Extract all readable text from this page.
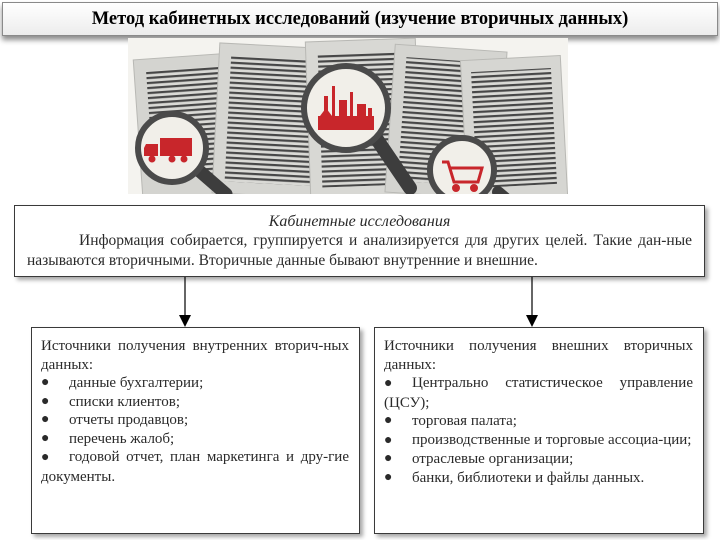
Метод кабинетных исследований (изучение вторичных данных)
Кабинетные исследования
Информация собирается, группируется и анализируется для других целей. Такие дан-ные называются вторичными. Вторичные данные бывают внутренние и внешние.
Источники получения внутренних вторич-ных данных:
●	данные бухгалтерии;
●	списки клиентов;
●	отчеты продавцов;
●	перечень жалоб;
● годовой отчет, план маркетинга и дру-гие документы.
Источники получения внешних вторичных данных:
● Центрально статистическое управление (ЦСУ);
●	торговая палата;
● производственные и торговые ассоциа-ции;
●	отраслевые организации;
●	банки, библиотеки и файлы данных.
